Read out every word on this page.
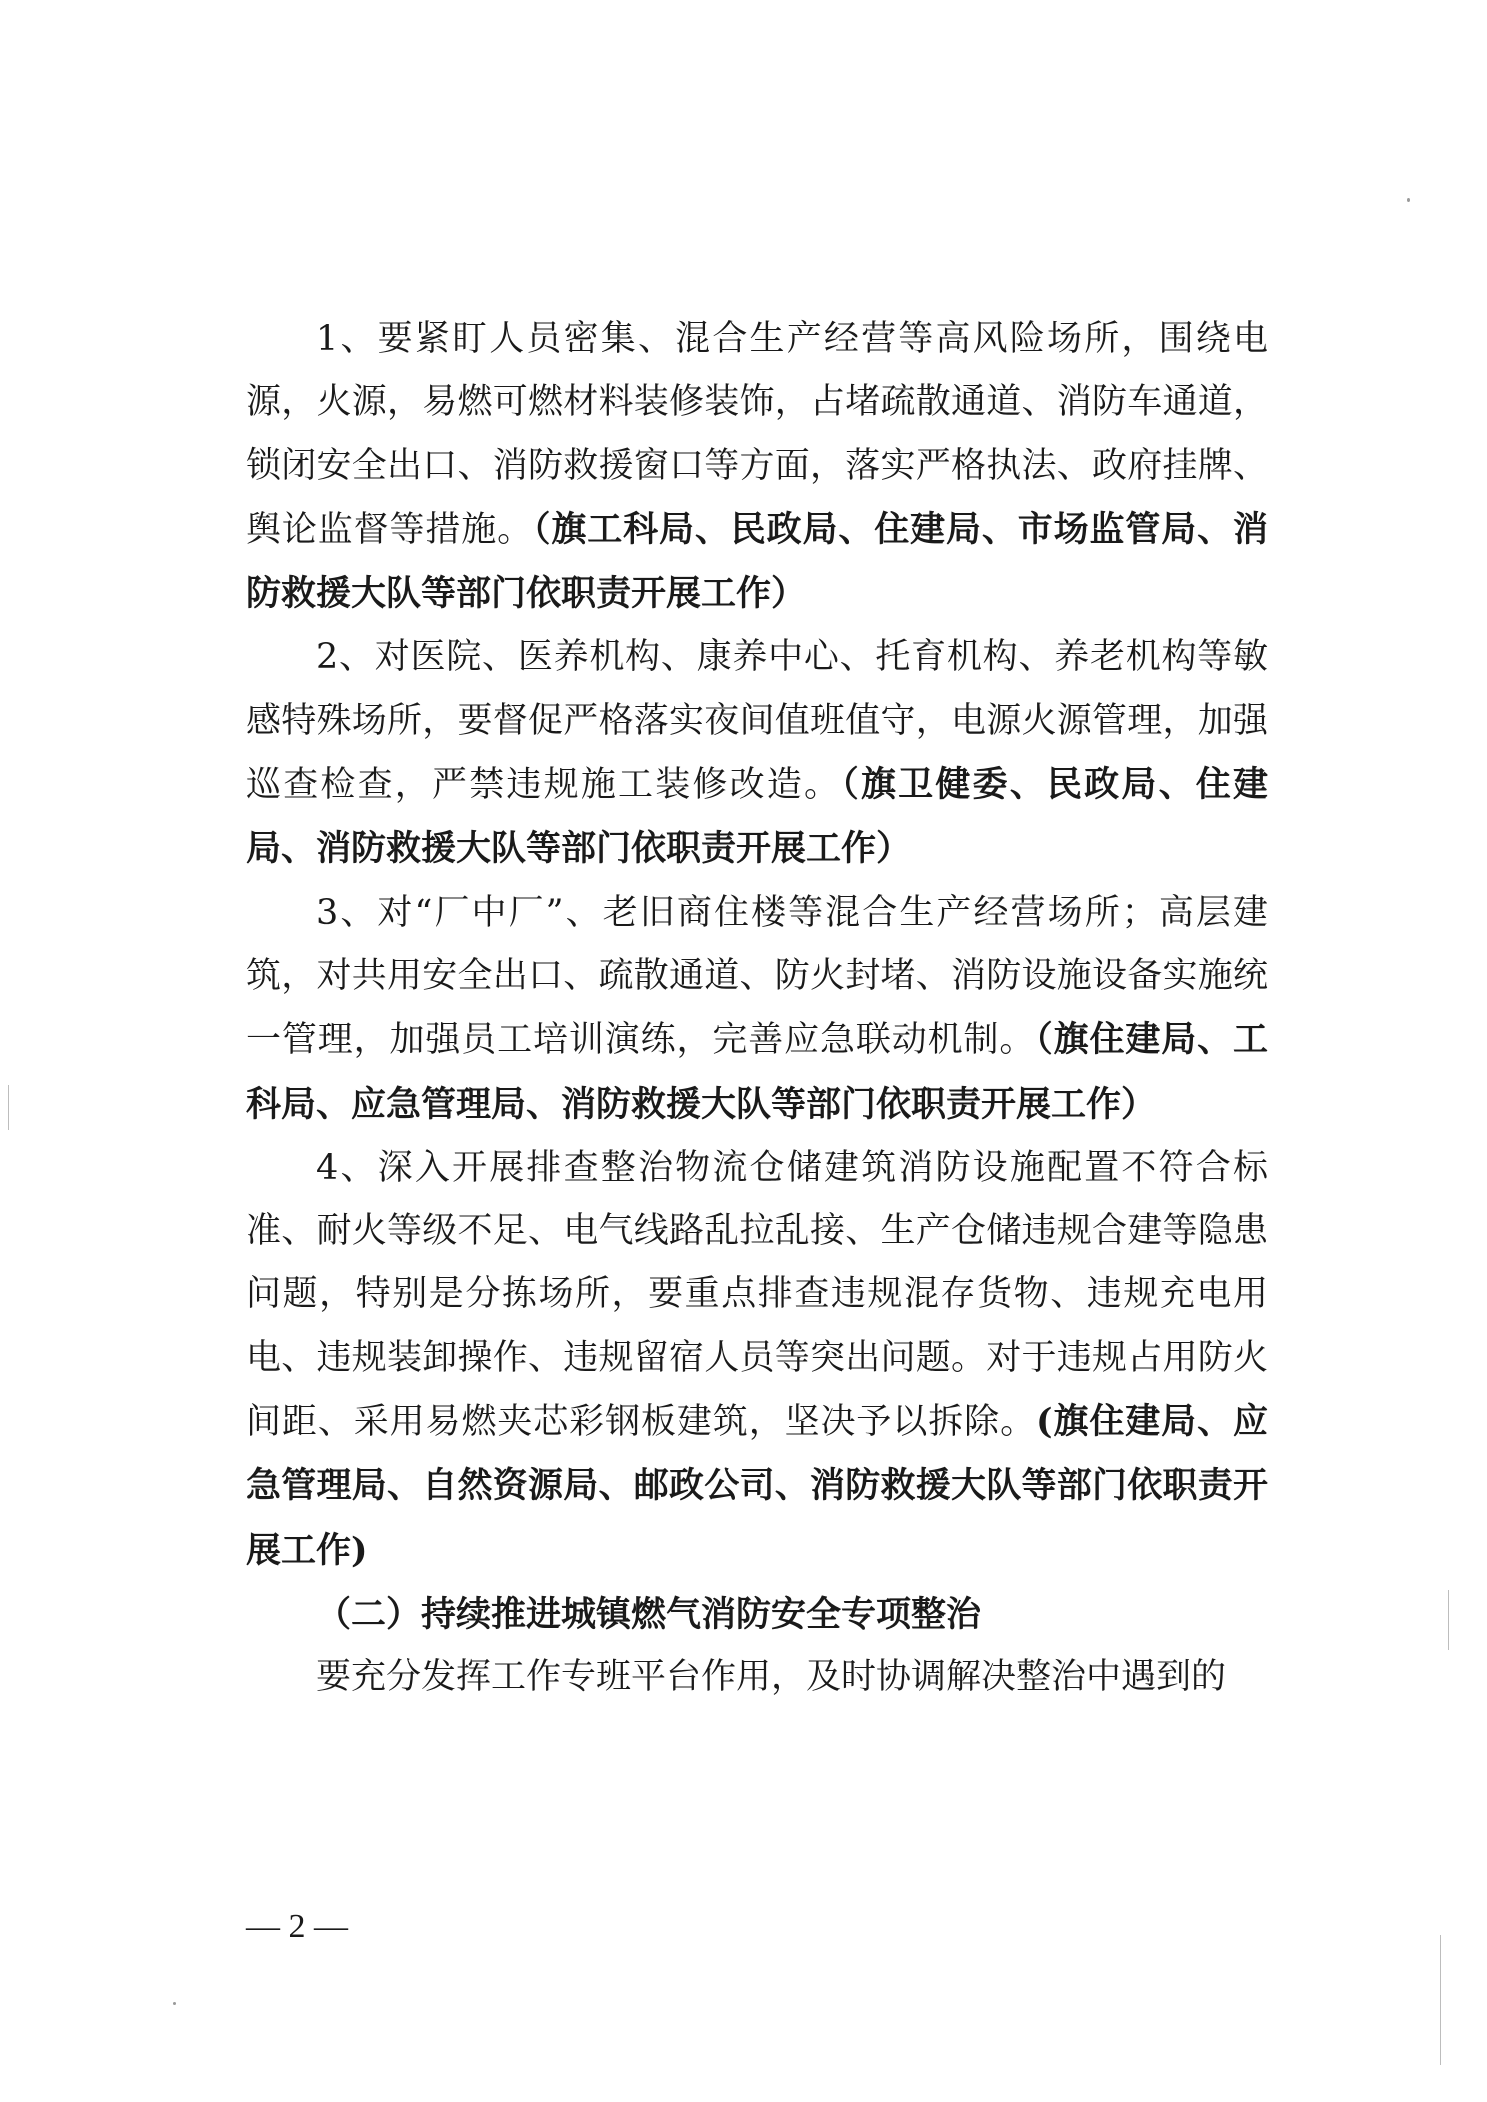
1、要紧盯人员密集、混合生产经营等高风险场所，围绕电源，火源，易燃可燃材料装修装饰，占堵疏散通道、消防车通道，锁闭安全出口、消防救援窗口等方面，落实严格执法、政府挂牌、舆论监督等措施。（旗工科局、民政局、住建局、市场监管局、消防救援大队等部门依职责开展工作）

2、对医院、医养机构、康养中心、托育机构、养老机构等敏感特殊场所，要督促严格落实夜间值班值守，电源火源管理，加强巡查检查，严禁违规施工装修改造。（旗卫健委、民政局、住建局、消防救援大队等部门依职责开展工作）

3、对“厂中厂”、老旧商住楼等混合生产经营场所；高层建筑，对共用安全出口、疏散通道、防火封堵、消防设施设备实施统一管理，加强员工培训演练，完善应急联动机制。（旗住建局、工科局、应急管理局、消防救援大队等部门依职责开展工作）

4、深入开展排查整治物流仓储建筑消防设施配置不符合标准、耐火等级不足、电气线路乱拉乱接、生产仓储违规合建等隐患问题，特别是分拣场所，要重点排查违规混存货物、违规充电用电、违规装卸操作、违规留宿人员等突出问题。对于违规占用防火间距、采用易燃夹芯彩钢板建筑，坚决予以拆除。(旗住建局、应急管理局、自然资源局、邮政公司、消防救援大队等部门依职责开展工作)

（二）持续推进城镇燃气消防安全专项整治

要充分发挥工作专班平台作用，及时协调解决整治中遇到的

— 2 —
